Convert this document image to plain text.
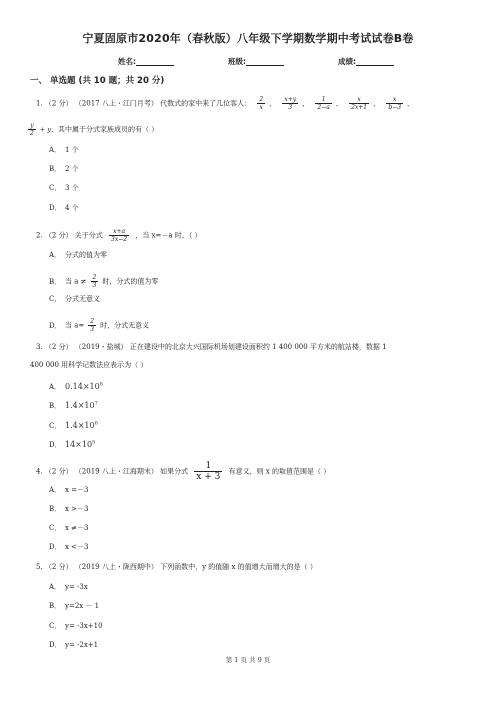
宁夏固原市2020年（春秋版）八年级下学期数学期中考试试卷B卷
姓名:	班级:	成绩:
一、 单选题 (共 10 题；共 20 分)
1. （2 分） （2017 八上・江门月考） 代数式的家中来了几位客人： $\frac{2}{x}$ ， $\frac{x+y}{3}$ ， $\frac{1}{2-a}$ ， $\frac{x}{2x+1}$ ， $\frac{x}{b-3}$ ，
$\frac{y}{2} + y$，其中属于分式家族成员的有（ ）
A． 1 个
B． 2 个
C． 3 个
D． 4 个
2. （2 分） 关于分式 $\frac{x+a}{3x-2}$ ，当 x=－a 时，（ ）
A． 分式的值为零
B． 当 $a \ne \frac{2}{3}$ 时，分式的值为零
C． 分式无意义
D． 当 $a= \frac{2}{3}$ 时，分式无意义
3. （2 分） （2019・盐城） 正在建设中的北京大兴国际机场划建设面积约 1 400 000 平方米的航站楼，数据 1
400 000 用科学记数法应表示为（ ）
A． $0.14\times 10^8$
B． $1.4\times 10^7$
C． $1.4\times 10^6$
D． $14\times 10^5$
4. （2 分） （2019 八上・江海期末） 如果分式 $\frac{1}{x + 3}$ 有意义，则 x 的取值范围是（ ）
A． x =－3
B． x >－3
C． x ≠－3
D． x <－3
5. （2 分） （2019 八上・陇西期中） 下列函数中，y 的值随 x 的值增大而增大的是（ ）
A． y= -3x
B． y=2x － 1
C． y= -3x+10
D． y= -2x+1
第 1 页 共 9 页
